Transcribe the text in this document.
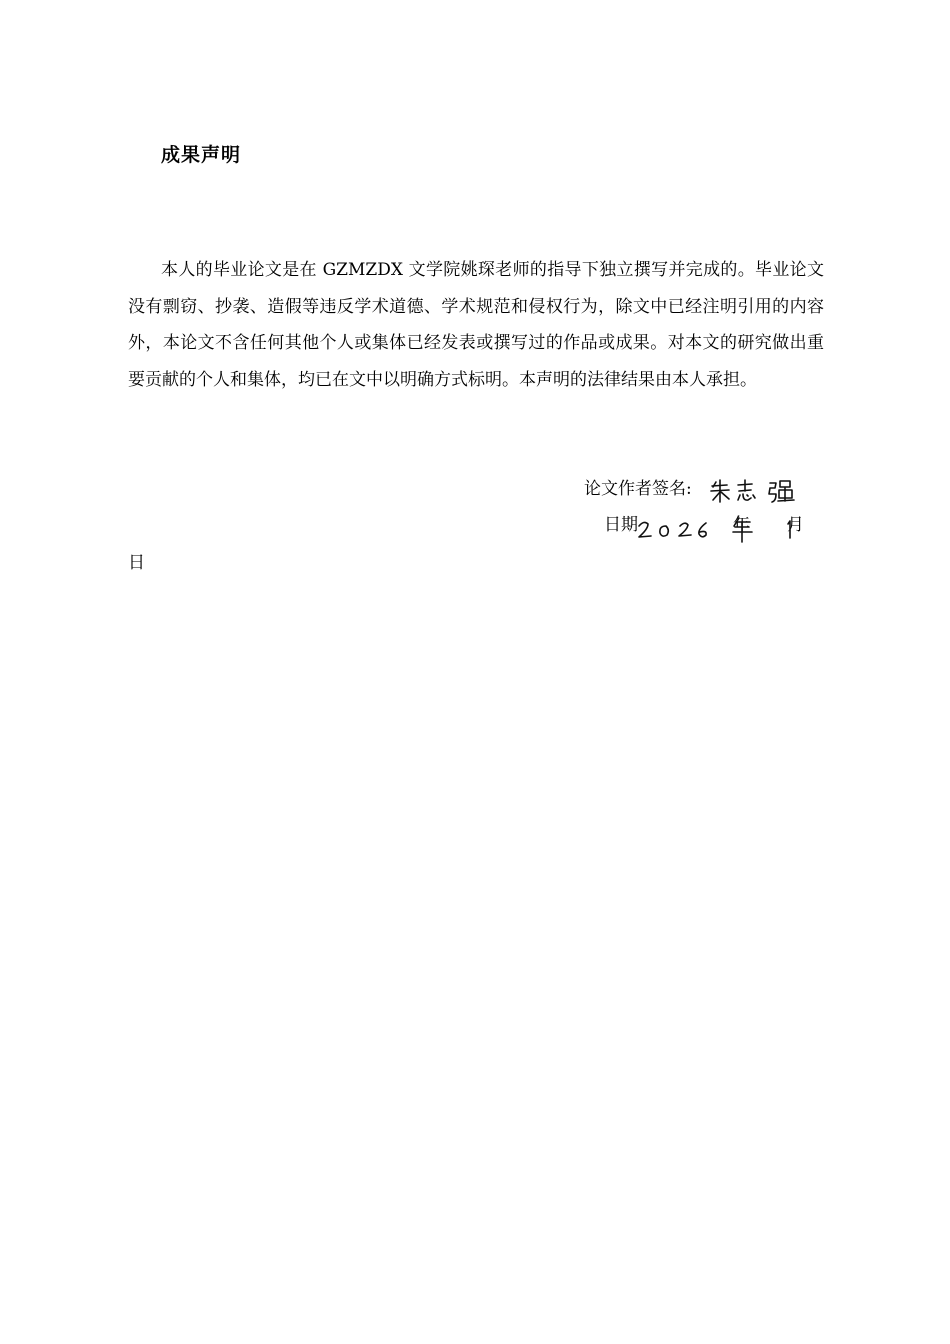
成果声明

本人的毕业论文是在 GZMZDX 文学院姚琛老师的指导下独立撰写并完成的。毕业论文没有剽窃、抄袭、造假等违反学术道德、学术规范和侵权行为，除文中已经注明引用的内容外，本论文不含任何其他个人或集体已经发表或撰写过的作品或成果。对本文的研究做出重要贡献的个人和集体，均已在文中以明确方式标明。本声明的法律结果由本人承担。

论文作者签名:
日期	年 月
日
